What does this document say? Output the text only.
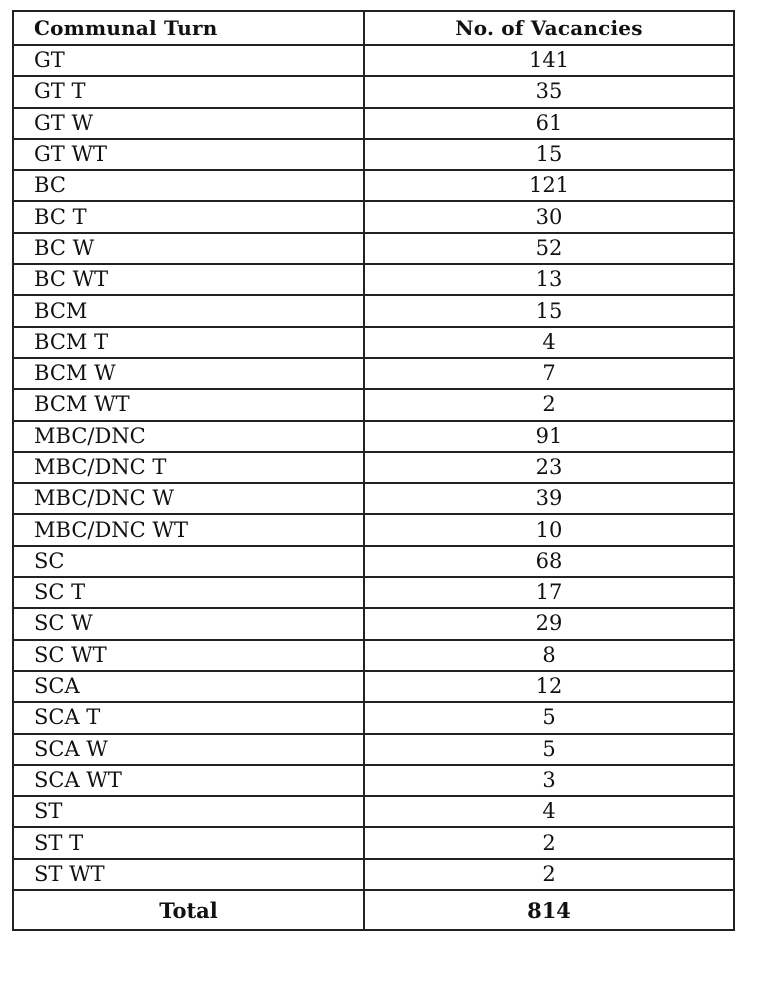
Communal Turn	No. of Vacancies
GT	141
GT T	35
GT W	61
GT WT	15
BC	121
BC T	30
BC W	52
BC WT	13
BCM	15
BCM T	4
BCM W	7
BCM WT	2
MBC/DNC	91
MBC/DNC T	23
MBC/DNC W	39
MBC/DNC WT	10
SC	68
SC T	17
SC W	29
SC WT	8
SCA	12
SCA T	5
SCA W	5
SCA WT	3
ST	4
ST T	2
ST WT	2
Total	814
